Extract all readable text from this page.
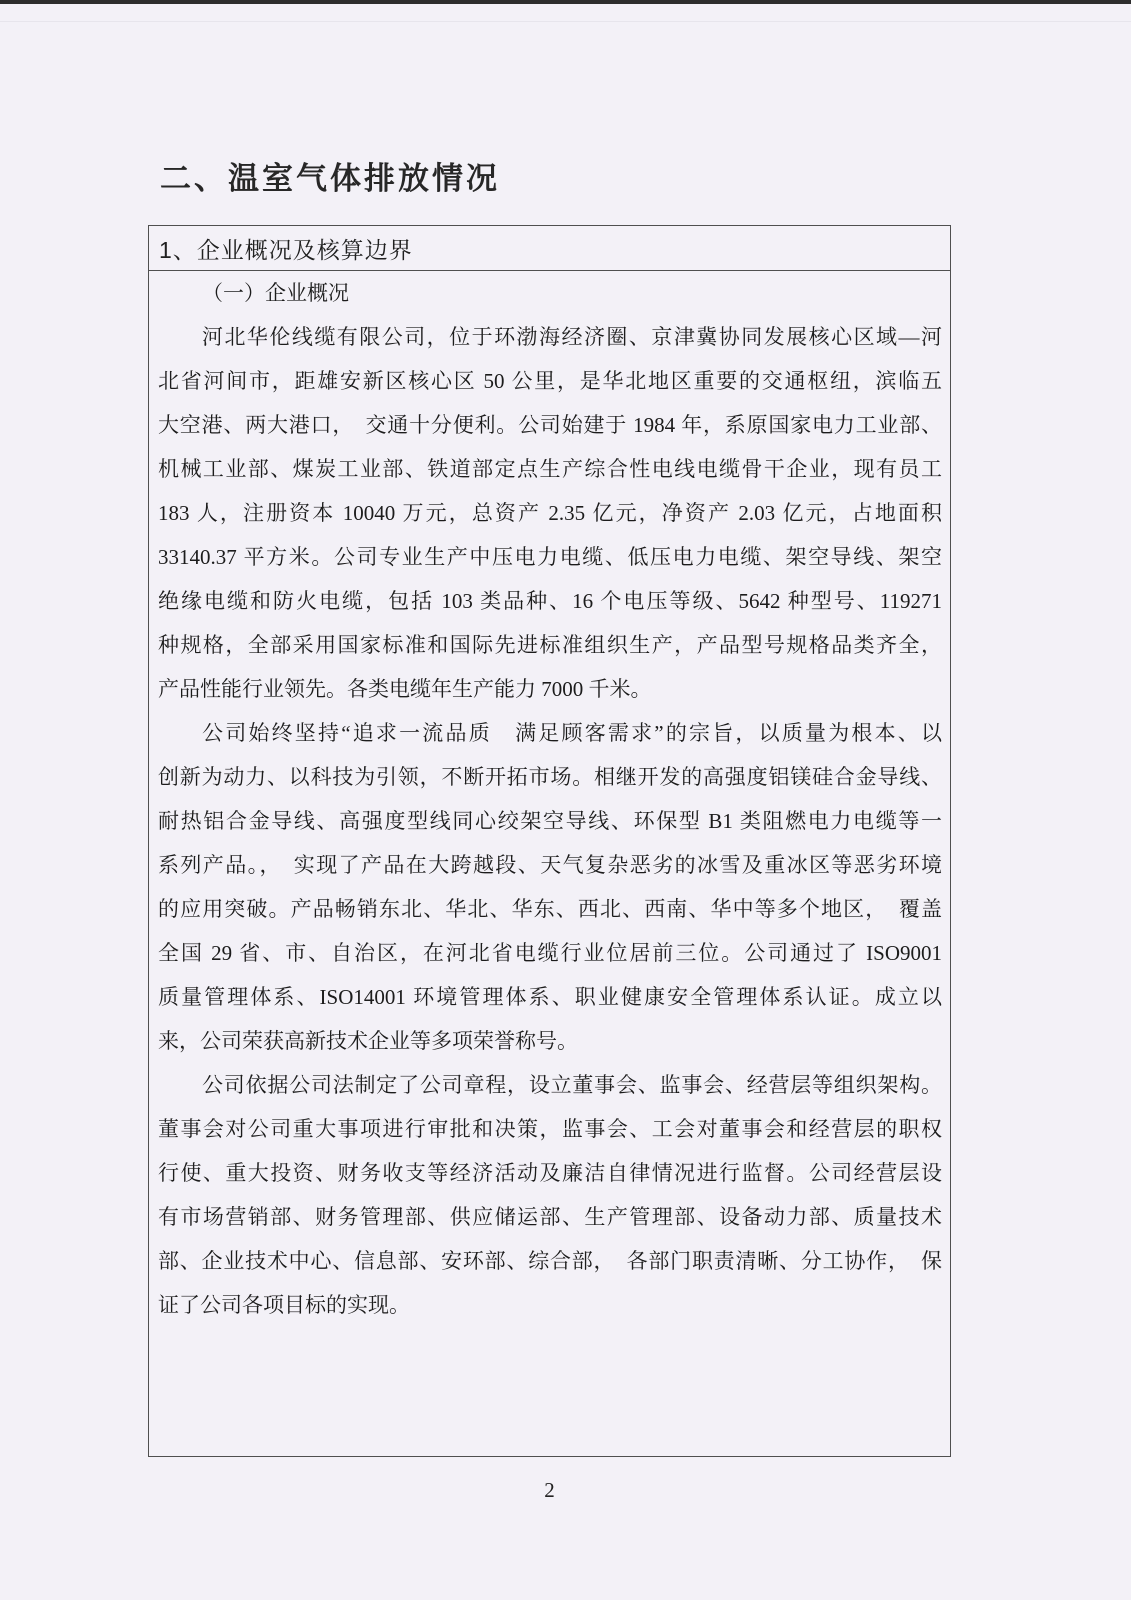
二、温室气体排放情况
1、企业概况及核算边界
（一）企业概况
河北华伦线缆有限公司，位于环渤海经济圈、京津冀协同发展核心区域—河
北省河间市，距雄安新区核心区 50 公里，是华北地区重要的交通枢纽，滨临五
大空港、两大港口，　交通十分便利。公司始建于 1984 年，系原国家电力工业部、
机械工业部、煤炭工业部、铁道部定点生产综合性电线电缆骨干企业，现有员工
183 人，注册资本 10040 万元，总资产 2.35 亿元，净资产 2.03 亿元，占地面积
33140.37 平方米。公司专业生产中压电力电缆、低压电力电缆、架空导线、架空
绝缘电缆和防火电缆，包括 103 类品种、16 个电压等级、5642 种型号、119271
种规格，全部采用国家标准和国际先进标准组织生产，产品型号规格品类齐全，
产品性能行业领先。各类电缆年生产能力 7000 千米。
公司始终坚持“追求一流品质　满足顾客需求”的宗旨，以质量为根本、以
创新为动力、以科技为引领，不断开拓市场。相继开发的高强度铝镁硅合金导线、
耐热铝合金导线、高强度型线同心绞架空导线、环保型 B1 类阻燃电力电缆等一
系列产品。，　实现了产品在大跨越段、天气复杂恶劣的冰雪及重冰区等恶劣环境
的应用突破。产品畅销东北、华北、华东、西北、西南、华中等多个地区，　覆盖
全国 29 省、市、自治区，在河北省电缆行业位居前三位。公司通过了 ISO9001
质量管理体系、ISO14001 环境管理体系、职业健康安全管理体系认证。成立以
来，公司荣获高新技术企业等多项荣誉称号。
公司依据公司法制定了公司章程，设立董事会、监事会、经营层等组织架构。
董事会对公司重大事项进行审批和决策，监事会、工会对董事会和经营层的职权
行使、重大投资、财务收支等经济活动及廉洁自律情况进行监督。公司经营层设
有市场营销部、财务管理部、供应储运部、生产管理部、设备动力部、质量技术
部、企业技术中心、信息部、安环部、综合部，　各部门职责清晰、分工协作，　保
证了公司各项目标的实现。
2
